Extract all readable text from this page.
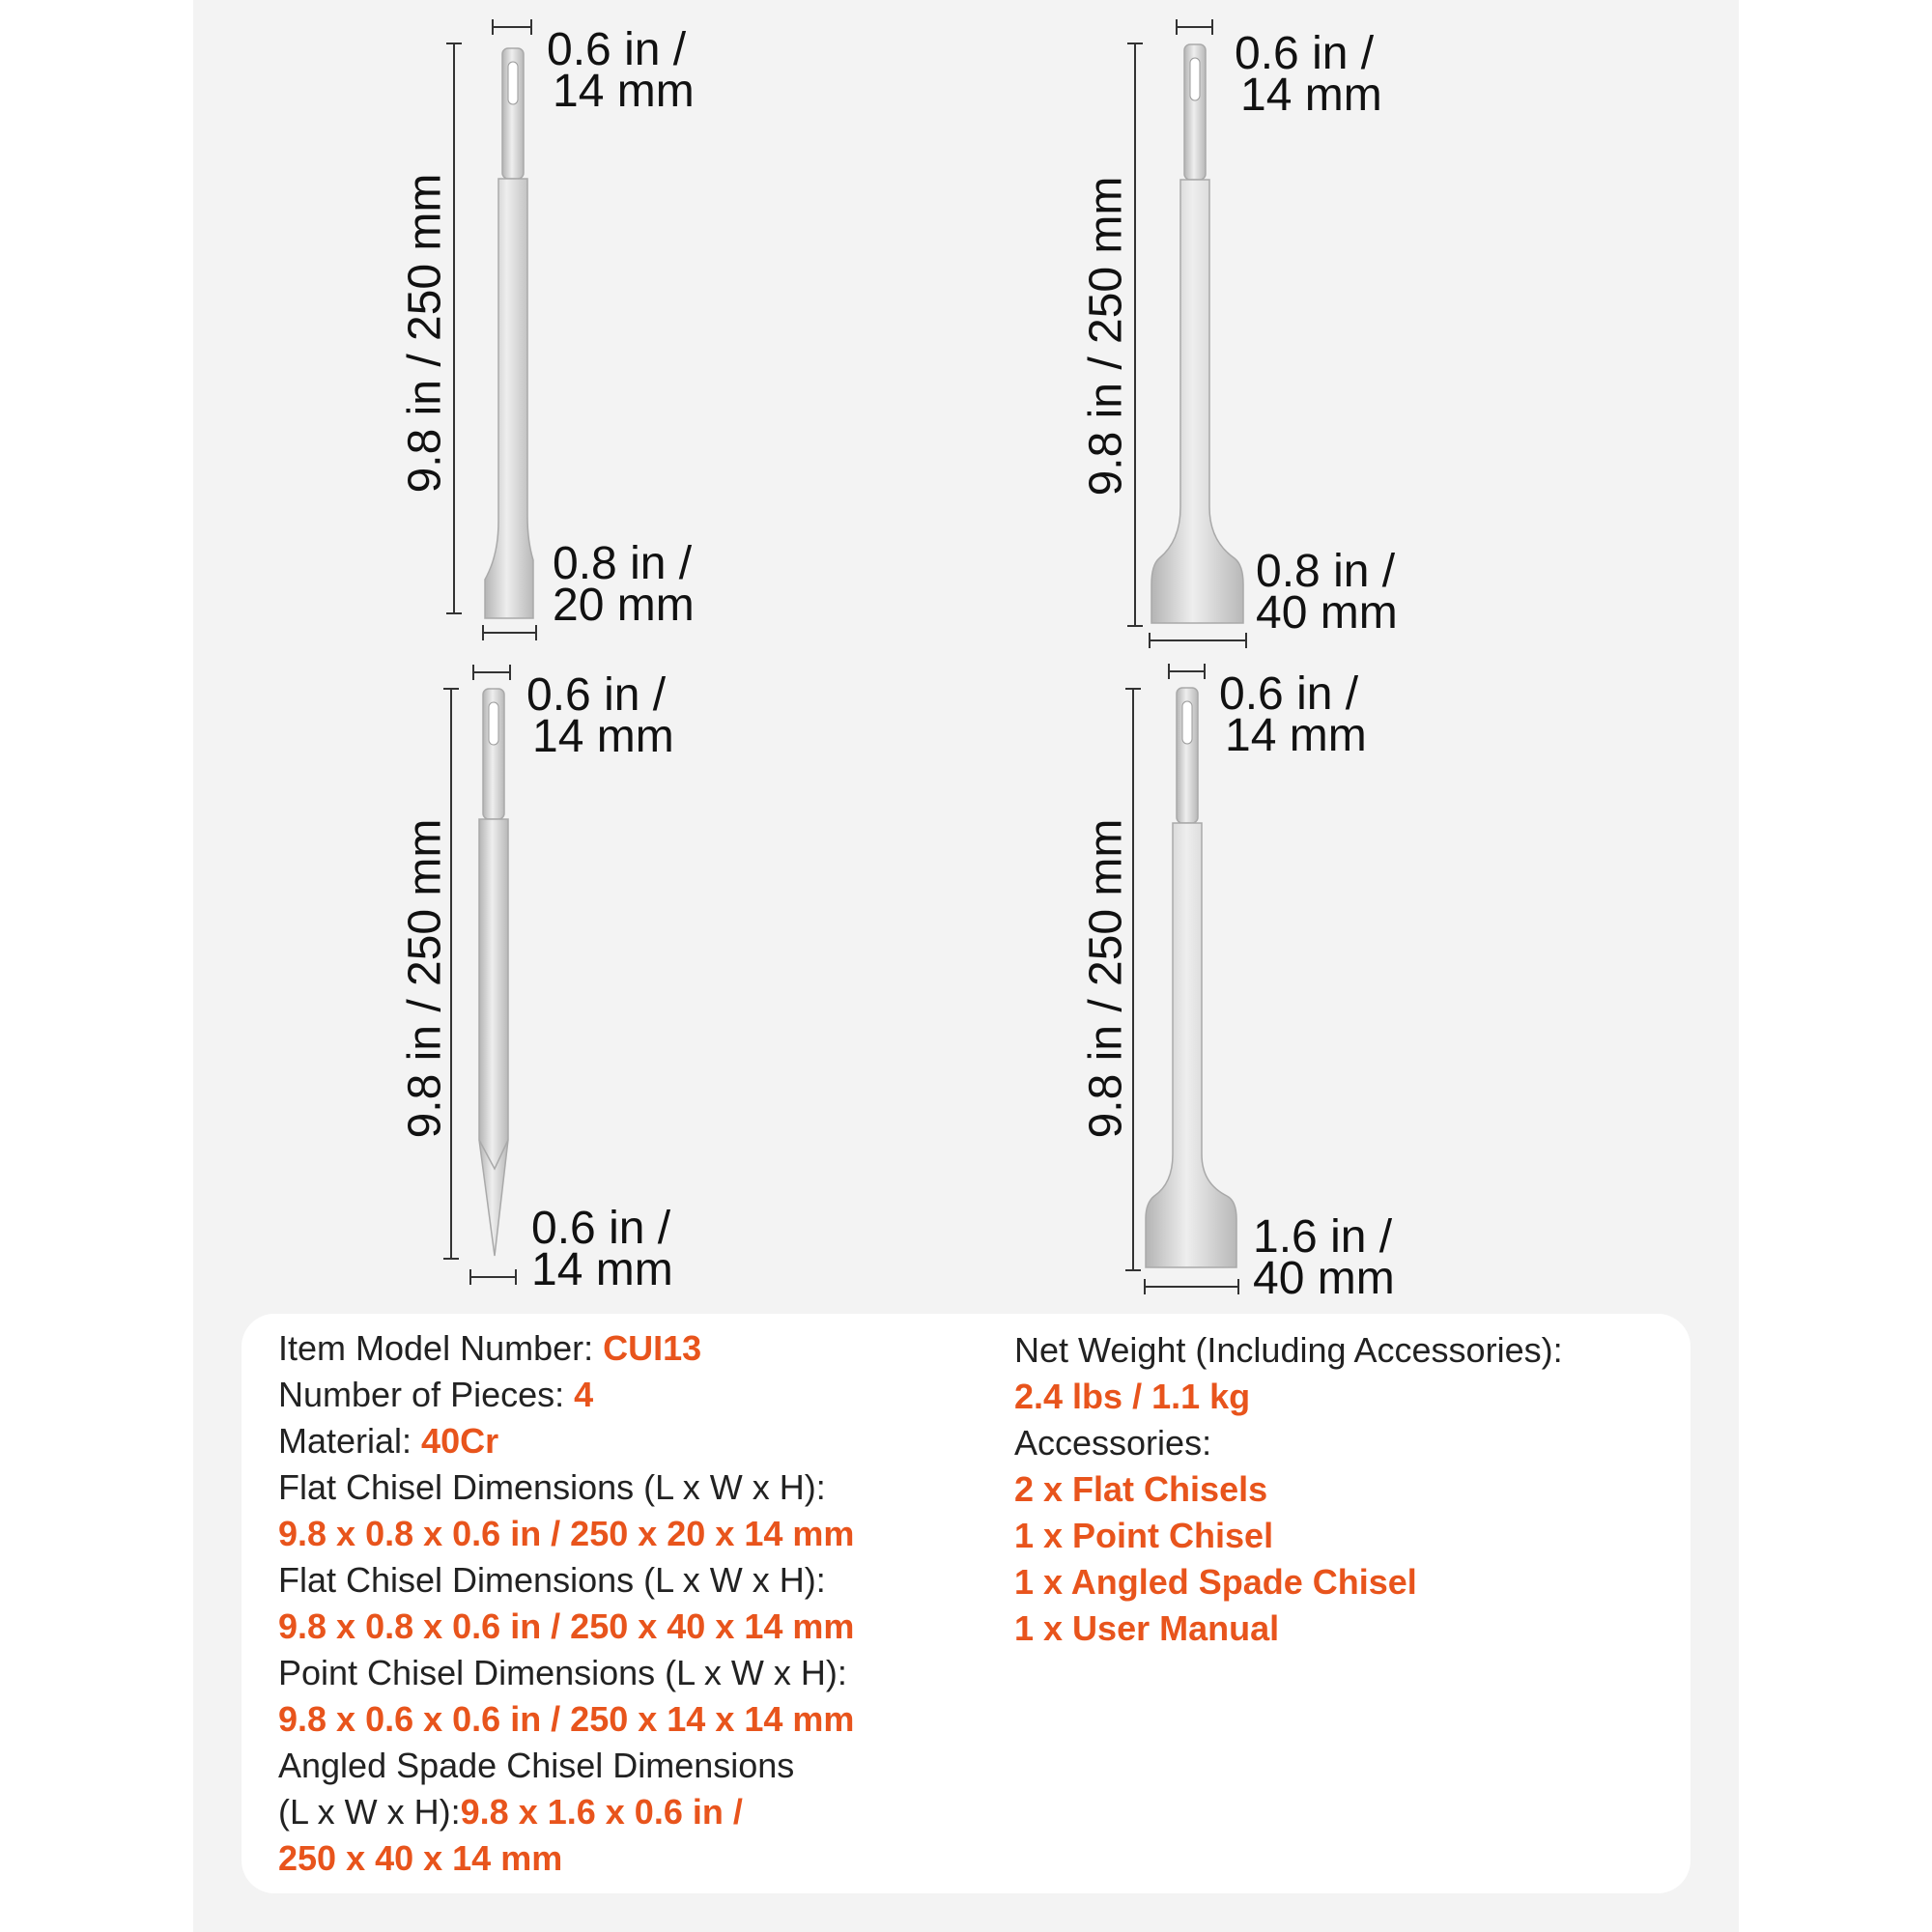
0.6 in /
14 mm
9.8 in / 250 mm
0.8 in /
20 mm
0.6 in /
14 mm
9.8 in / 250 mm
0.8 in /
40 mm
0.6 in /
14 mm
9.8 in / 250 mm
0.6 in /
14 mm
0.6 in /
14 mm
9.8 in / 250 mm
1.6 in /
40 mm
Item Model Number: CUI13
Number of Pieces: 4
Material: 40Cr
Flat Chisel Dimensions (L x W x H):
9.8 x 0.8 x 0.6 in / 250 x 20 x 14 mm
Flat Chisel Dimensions (L x W x H):
9.8 x 0.8 x 0.6 in / 250 x 40 x 14 mm
Point Chisel Dimensions (L x W x H):
9.8 x 0.6 x 0.6 in / 250 x 14 x 14 mm
Angled Spade Chisel Dimensions
(L x W x H):9.8 x 1.6 x 0.6 in /
250 x 40 x 14 mm
Net Weight (Including Accessories):
2.4 lbs / 1.1 kg
Accessories:
2 x Flat Chisels
1 x Point Chisel
1 x Angled Spade Chisel
1 x User Manual
